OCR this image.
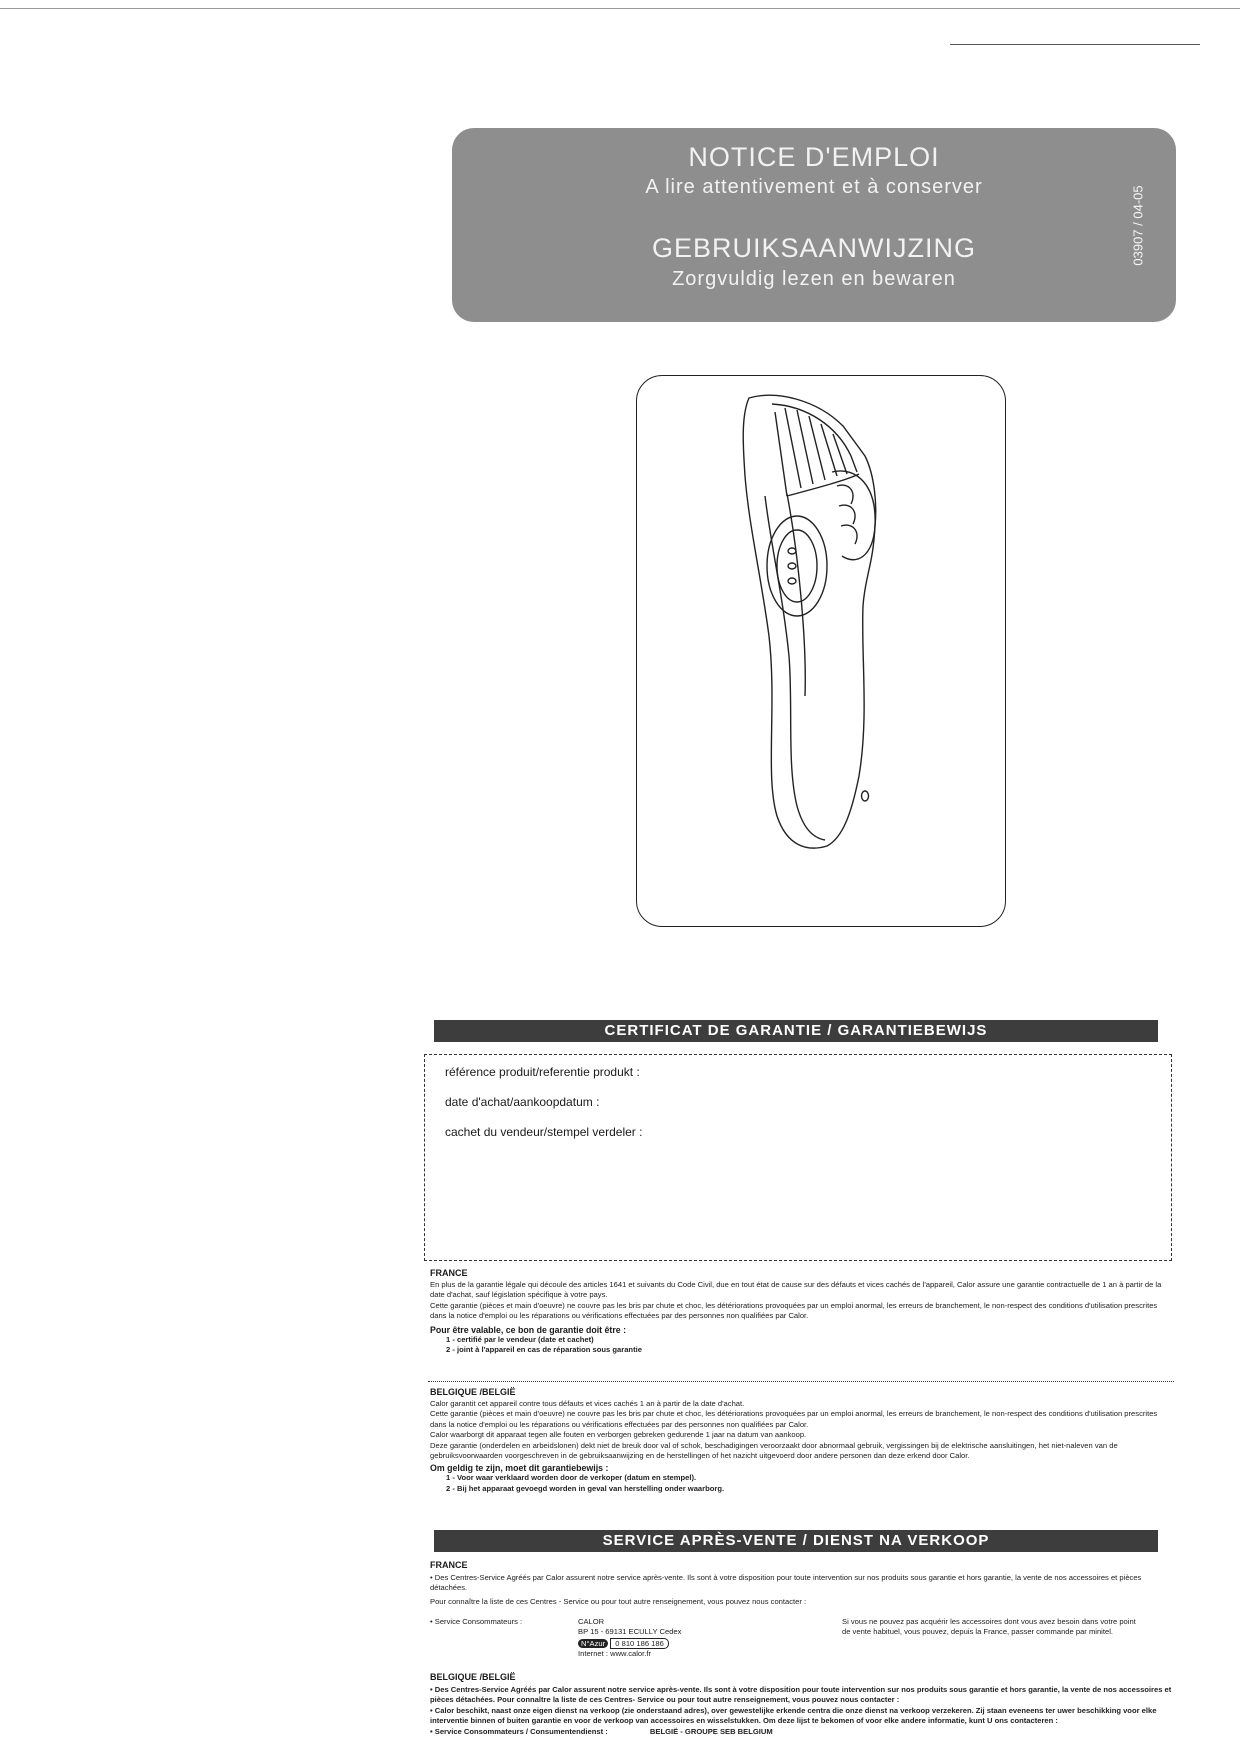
NOTICE D'EMPLOI
A lire attentivement et à conserver
GEBRUIKSAANWIJZING
Zorgvuldig lezen en bewaren
03907 / 04-05
CERTIFICAT DE GARANTIE / GARANTIEBEWIJS
référence produit/referentie produkt :
date d'achat/aankoopdatum :
cachet du vendeur/stempel verdeler :
FRANCE
En plus de la garantie légale qui découle des articles 1641 et suivants du Code Civil, due en tout état de cause sur des défauts et vices cachés de l'appareil, Calor assure une garantie contractuelle de 1 an à partir de la date d'achat, sauf législation spécifique à votre pays.
Cette garantie (pièces et main d'oeuvre) ne couvre pas les bris par chute et choc, les détériorations provoquées par un emploi anormal, les erreurs de branchement, le non-respect des conditions d'utilisation prescrites dans la notice d'emploi ou les réparations ou vérifications effectuées par des personnes non qualifiées par Calor.
Pour être valable, ce bon de garantie doit être :
1 - certifié par le vendeur (date et cachet)
2 - joint à l'appareil en cas de réparation sous garantie
BELGIQUE /BELGIË
Calor garantit cet appareil contre tous défauts et vices cachés 1 an à partir de la date d'achat.
Cette garantie (pièces et main d'oeuvre) ne couvre pas les bris par chute et choc, les détériorations provoquées par un emploi anormal, les erreurs de branchement, le non-respect des conditions d'utilisation prescrites dans la notice d'emploi ou les réparations ou vérifications effectuées par des personnes non qualifiées par Calor.
Calor waarborgt dit apparaat tegen alle fouten en verborgen gebreken gedurende 1 jaar na datum van aankoop.
Deze garantie (onderdelen en arbeidslonen) dekt niet de breuk door val of schok, beschadigingen veroorzaakt door abnormaal gebruik, vergissingen bij de elektrische aansluitingen, het niet-naleven van de gebruiksvoorwaarden voorgeschreven in de gebruiksaanwijzing en de herstellingen of het nazicht uitgevoerd door andere personen dan deze erkend door Calor.
Om geldig te zijn, moet dit garantiebewijs :
1 - Voor waar verklaard worden door de verkoper (datum en stempel).
2 - Bij het apparaat gevoegd worden in geval van herstelling onder waarborg.
SERVICE APRÈS-VENTE / DIENST NA VERKOOP
FRANCE
• Des Centres-Service Agréés par Calor assurent notre service après-vente. Ils sont à votre disposition pour toute intervention sur nos produits sous garantie et hors garantie, la vente de nos accessoires et pièces détachées.
Pour connaître la liste de ces Centres - Service ou pour tout autre renseignement, vous pouvez nous contacter :
• Service Consommateurs :	CALOR
BP 15 - 69131 ECULLY Cedex
N°Azur 0 810 186 186
Internet : www.calor.fr
Si vous ne pouvez pas acquérir les accessoires dont vous avez besoin dans votre point de vente habituel, vous pouvez, depuis la France, passer commande par minitel.
BELGIQUE /BELGIË
• Des Centres-Service Agréés par Calor assurent notre service après-vente. Ils sont à votre disposition pour toute intervention sur nos produits sous garantie et hors garantie, la vente de nos accessoires et pièces détachées. Pour connaître la liste de ces Centres- Service ou pour tout autre renseignement, vous pouvez nous contacter :
• Calor beschikt, naast onze eigen dienst na verkoop (zie onderstaand adres), over gewestelijke erkende centra die onze dienst na verkoop verzekeren. Zij staan eveneens ter uwer beschikking voor elke interventie binnen of buiten garantie en voor de verkoop van accessoires en wisselstukken. Om deze lijst te bekomen of voor elke andere informatie, kunt U ons contacteren :
• Service Consommateurs / Consumentendienst :	BELGIË - GROUPE SEB BELGIUM
